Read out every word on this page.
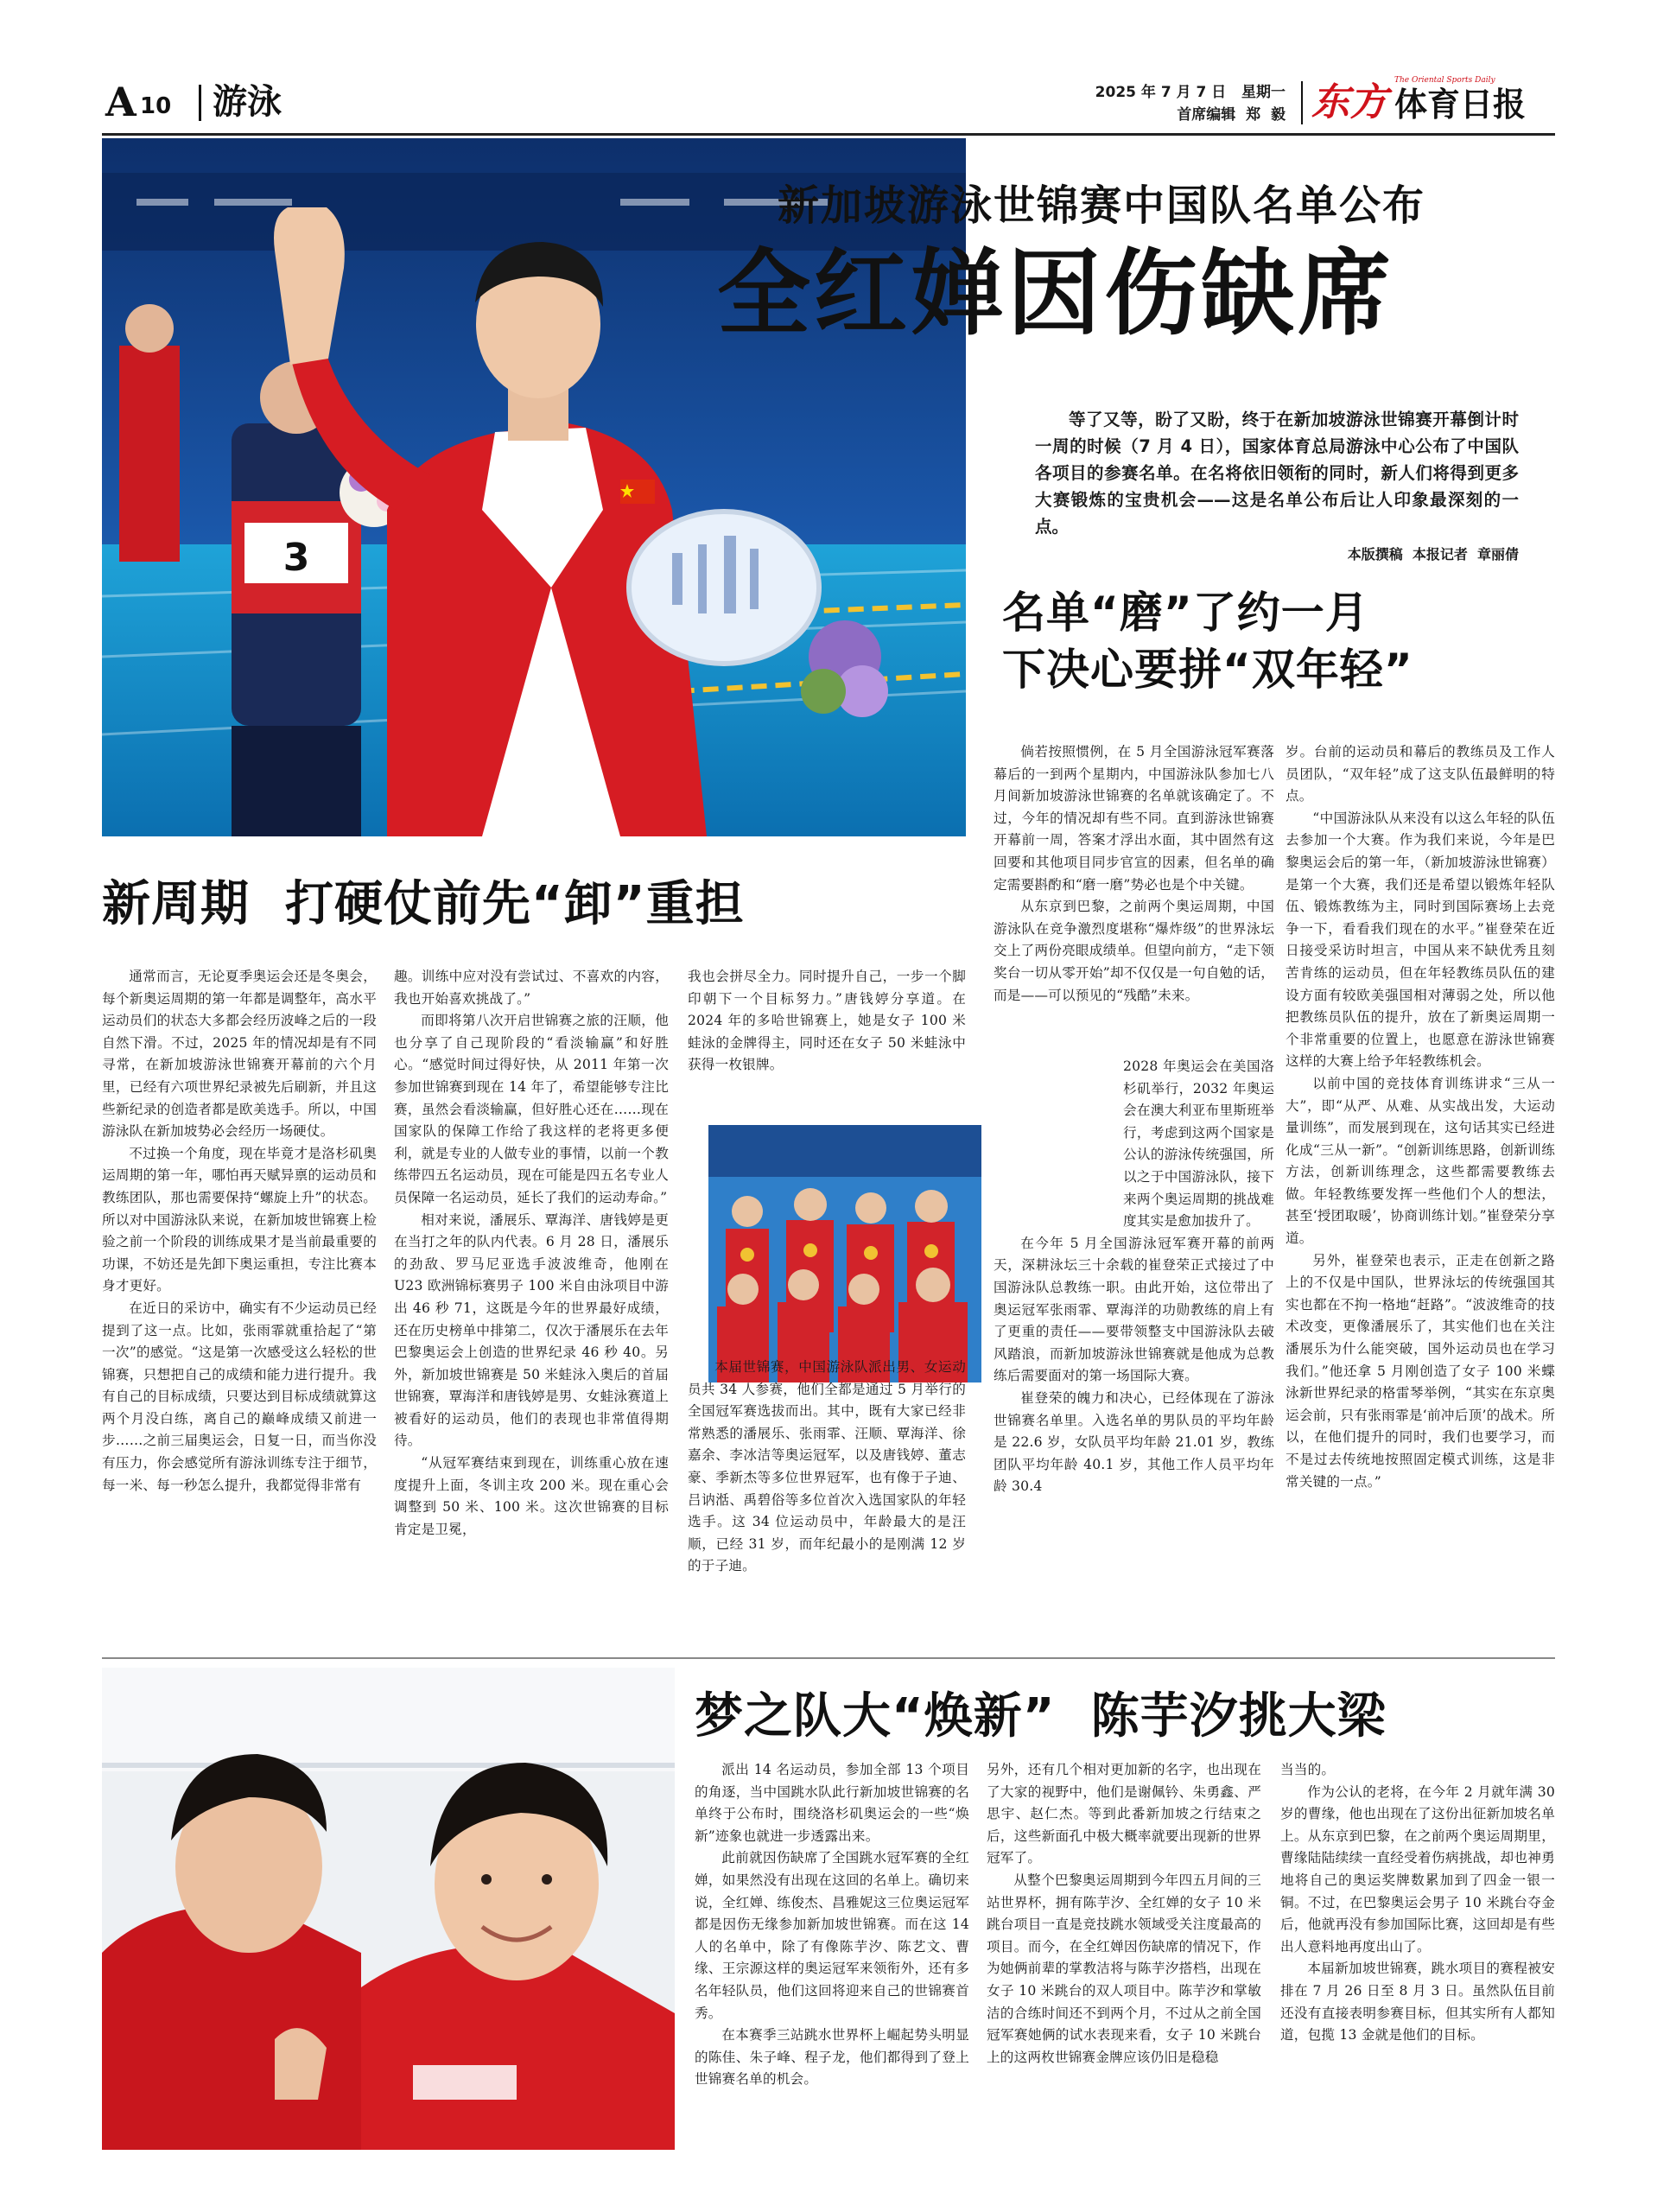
A 10 游泳	2025 年 7 月 7 日   星期一
首席编辑  郑  毅 东方 The Oriental Sports Daily
体育日报
3
新加坡游泳世锦赛中国队名单公布
全红婵因伤缺席

等了又等，盼了又盼，终于在新加坡游泳世锦赛开幕倒计时一周的时候（7 月 4 日），国家体育总局游泳中心公布了中国队各项目的参赛名单。在名将依旧领衔的同时，新人们将得到更多大赛锻炼的宝贵机会——这是名单公布后让人印象最深刻的一点。

本版撰稿  本报记者  章丽倩

名单“磨”了约一月
下决心要拼“双年轻”

倘若按照惯例，在 5 月全国游泳冠军赛落幕后的一到两个星期内，中国游泳队参加七八月间新加坡游泳世锦赛的名单就该确定了。不过，今年的情况却有些不同。直到游泳世锦赛开幕前一周，答案才浮出水面，其中固然有这回要和其他项目同步官宣的因素，但名单的确定需要斟酌和“磨一磨”势必也是个中关键。

从东京到巴黎，之前两个奥运周期，中国游泳队在竞争激烈度堪称“爆炸级”的世界泳坛交上了两份亮眼成绩单。但望向前方，“走下领奖台一切从零开始”却不仅仅是一句自勉的话，而是——可以预见的“残酷”未来。

2028 年奥运会在美国洛杉矶举行，2032 年奥运会在澳大利亚布里斯班举行，考虑到这两个国家是公认的游泳传统强国，所以之于中国游泳队，接下来两个奥运周期的挑战难度其实是愈加拔升了。

在今年 5 月全国游泳冠军赛开幕的前两天，深耕泳坛三十余载的崔登荣正式接过了中国游泳队总教练一职。由此开始，这位带出了奥运冠军张雨霏、覃海洋的功勋教练的肩上有了更重的责任——要带领整支中国游泳队去破风踏浪，而新加坡游泳世锦赛就是他成为总教练后需要面对的第一场国际大赛。

崔登荣的魄力和决心，已经体现在了游泳世锦赛名单里。入选名单的男队员的平均年龄是 22.6 岁，女队员平均年龄 21.01 岁，教练团队平均年龄 40.1 岁，其他工作人员平均年龄 30.4

岁。台前的运动员和幕后的教练员及工作人员团队，“双年轻”成了这支队伍最鲜明的特点。

“中国游泳队从来没有以这么年轻的队伍去参加一个大赛。作为我们来说，今年是巴黎奥运会后的第一年，（新加坡游泳世锦赛）是第一个大赛，我们还是希望以锻炼年轻队伍、锻炼教练为主，同时到国际赛场上去竞争一下，看看我们现在的水平。”崔登荣在近日接受采访时坦言，中国从来不缺优秀且刻苦肯练的运动员，但在年轻教练员队伍的建设方面有较欧美强国相对薄弱之处，所以他把教练员队伍的提升，放在了新奥运周期一个非常重要的位置上，也愿意在游泳世锦赛这样的大赛上给予年轻教练机会。

以前中国的竞技体育训练讲求“三从一大”，即“从严、从难、从实战出发，大运动量训练”，而发展到现在，这句话其实已经进化成“三从一新”。“创新训练思路，创新训练方法，创新训练理念，这些都需要教练去做。年轻教练要发挥一些他们个人的想法，甚至‘授团取暖’，协商训练计划。”崔登荣分享道。

另外，崔登荣也表示，正走在创新之路上的不仅是中国队，世界泳坛的传统强国其实也都在不拘一格地“赶路”。“波波维奇的技术改变，更像潘展乐了，其实他们也在关注潘展乐为什么能突破，国外运动员也在学习我们。”他还拿 5 月刚创造了女子 100 米蝶泳新世界纪录的格雷琴举例，“其实在东京奥运会前，只有张雨霏是‘前冲后顶’的战术。所以，在他们提升的同时，我们也要学习，而不是过去传统地按照固定模式训练，这是非常关键的一点。”

新周期  打硬仗前先“卸”重担

通常而言，无论夏季奥运会还是冬奥会，每个新奥运周期的第一年都是调整年，高水平运动员们的状态大多都会经历波峰之后的一段自然下滑。不过，2025 年的情况却是有不同寻常，在新加坡游泳世锦赛开幕前的六个月里，已经有六项世界纪录被先后刷新，并且这些新纪录的创造者都是欧美选手。所以，中国游泳队在新加坡势必会经历一场硬仗。

不过换一个角度，现在毕竟才是洛杉矶奥运周期的第一年，哪怕再天赋异禀的运动员和教练团队，那也需要保持“螺旋上升”的状态。所以对中国游泳队来说，在新加坡世锦赛上检验之前一个阶段的训练成果才是当前最重要的功课，不妨还是先卸下奥运重担，专注比赛本身才更好。

在近日的采访中，确实有不少运动员已经提到了这一点。比如，张雨霏就重拾起了“第一次”的感觉。“这是第一次感受这么轻松的世锦赛，只想把自己的成绩和能力进行提升。我有自己的目标成绩，只要达到目标成绩就算这两个月没白练，离自己的巅峰成绩又前进一步……之前三届奥运会，日复一日，而当你没有压力，你会感觉所有游泳训练专注于细节，每一米、每一秒怎么提升，我都觉得非常有

趣。训练中应对没有尝试过、不喜欢的内容，我也开始喜欢挑战了。”

而即将第八次开启世锦赛之旅的汪顺，他也分享了自己现阶段的“看淡输赢”和好胜心。“感觉时间过得好快，从 2011 年第一次参加世锦赛到现在 14 年了，希望能够专注比赛，虽然会看淡输赢，但好胜心还在……现在国家队的保障工作给了我这样的老将更多便利，就是专业的人做专业的事情，以前一个教练带四五名运动员，现在可能是四五名专业人员保障一名运动员，延长了我们的运动寿命。”

相对来说，潘展乐、覃海洋、唐钱婷是更在当打之年的队内代表。6 月 28 日，潘展乐的劲敌、罗马尼亚选手波波维奇，他刚在 U23 欧洲锦标赛男子 100 米自由泳项目中游出 46 秒 71，这既是今年的世界最好成绩，还在历史榜单中排第二，仅次于潘展乐在去年巴黎奥运会上创造的世界纪录 46 秒 40。另外，新加坡世锦赛是 50 米蛙泳入奥后的首届世锦赛，覃海洋和唐钱婷是男、女蛙泳赛道上被看好的运动员，他们的表现也非常值得期待。

“从冠军赛结束到现在，训练重心放在速度提升上面，冬训主攻 200 米。现在重心会调整到 50 米、100 米。这次世锦赛的目标肯定是卫冕，

我也会拼尽全力。同时提升自己，一步一个脚印朝下一个目标努力。”唐钱婷分享道。在 2024 年的多哈世锦赛上，她是女子 100 米蛙泳的金牌得主，同时还在女子 50 米蛙泳中获得一枚银牌。

本届世锦赛，中国游泳队派出男、女运动员共 34 人参赛，他们全都是通过 5 月举行的全国冠军赛选拔而出。其中，既有大家已经非常熟悉的潘展乐、张雨霏、汪顺、覃海洋、徐嘉余、李冰洁等奥运冠军，以及唐钱婷、董志豪、季新杰等多位世界冠军，也有像于子迪、吕讷湉、禹碧俗等多位首次入选国家队的年轻选手。这 34 位运动员中，年龄最大的是汪顺，已经 31 岁，而年纪最小的是刚满 12 岁的于子迪。

梦之队大“焕新”  陈芋汐挑大梁

派出 14 名运动员，参加全部 13 个项目的角逐，当中国跳水队此行新加坡世锦赛的名单终于公布时，围绕洛杉矶奥运会的一些“焕新”迹象也就进一步透露出来。

此前就因伤缺席了全国跳水冠军赛的全红婵，如果然没有出现在这回的名单上。确切来说，全红婵、练俊杰、昌雅妮这三位奥运冠军都是因伤无缘参加新加坡世锦赛。而在这 14 人的名单中，除了有像陈芋汐、陈艺文、曹缘、王宗源这样的奥运冠军来领衔外，还有多名年轻队员，他们这回将迎来自己的世锦赛首秀。

在本赛季三站跳水世界杯上崛起势头明显的陈佳、朱子峰、程子龙，他们都得到了登上世锦赛名单的机会。

另外，还有几个相对更加新的名字，也出现在了大家的视野中，他们是谢佩钤、朱勇鑫、严思宇、赵仁杰。等到此番新加坡之行结束之后，这些新面孔中极大概率就要出现新的世界冠军了。

从整个巴黎奥运周期到今年四五月间的三站世界杯，拥有陈芋汐、全红婵的女子 10 米跳台项目一直是竞技跳水领域受关注度最高的项目。而今，在全红婵因伤缺席的情况下，作为她俩前辈的掌教洁将与陈芋汐搭档，出现在女子 10 米跳台的双人项目中。陈芋汐和掌敏洁的合练时间还不到两个月，不过从之前全国冠军赛她俩的试水表现来看，女子 10 米跳台上的这两枚世锦赛金牌应该仍旧是稳稳

当当的。

作为公认的老将，在今年 2 月就年满 30 岁的曹缘，他也出现在了这份出征新加坡名单上。从东京到巴黎，在之前两个奥运周期里，曹缘陆陆续续一直经受着伤病挑战，却也神勇地将自己的奥运奖牌数累加到了四金一银一铜。不过，在巴黎奥运会男子 10 米跳台夺金后，他就再没有参加国际比赛，这回却是有些出人意料地再度出山了。

本届新加坡世锦赛，跳水项目的赛程被安排在 7 月 26 日至 8 月 3 日。虽然队伍目前还没有直接表明参赛目标，但其实所有人都知道，包揽 13 金就是他们的目标。
